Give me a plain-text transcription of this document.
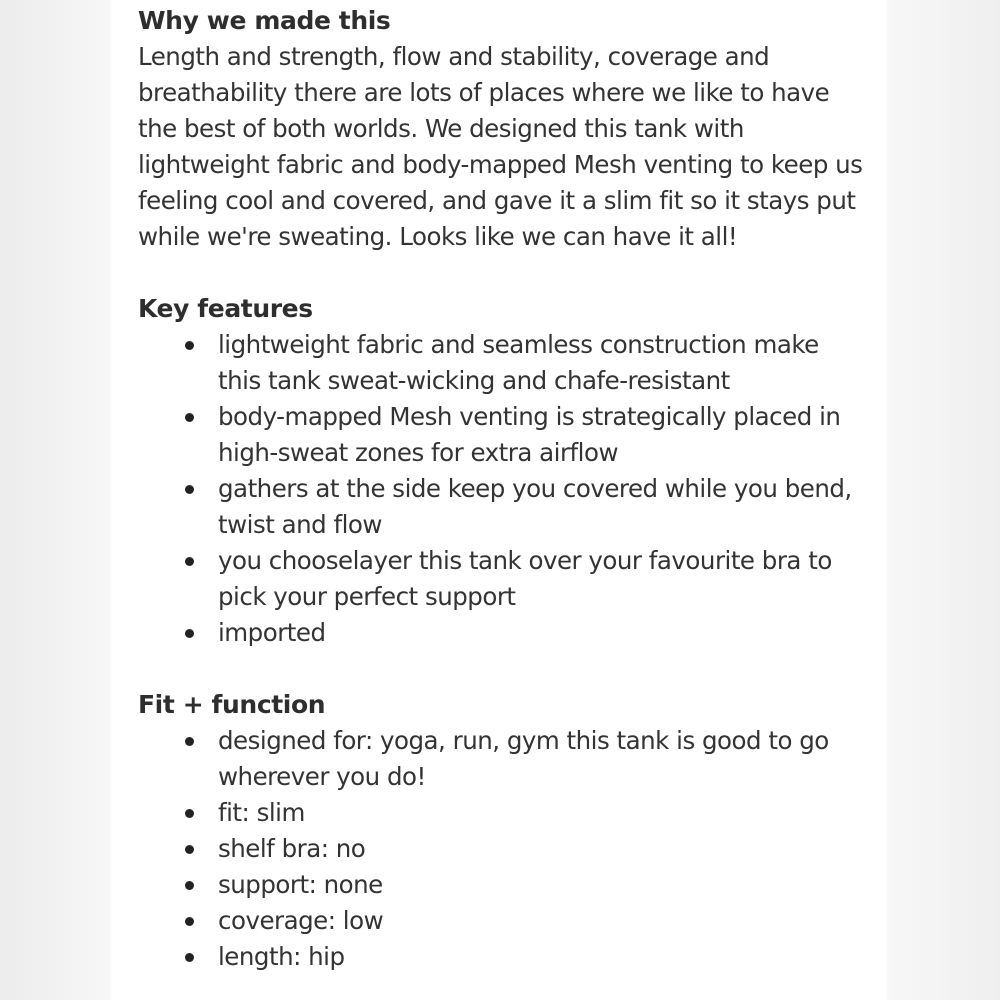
Why we made this

Length and strength, flow and stability, coverage and breathability there are lots of places where we like to have the best of both worlds. We designed this tank with lightweight fabric and body-mapped Mesh venting to keep us feeling cool and covered, and gave it a slim fit so it stays put while we're sweating. Looks like we can have it all!

Key features
lightweight fabric and seamless construction make this tank sweat-wicking and chafe-resistant
body-mapped Mesh venting is strategically placed in high-sweat zones for extra airflow
gathers at the side keep you covered while you bend, twist and flow
you chooselayer this tank over your favourite bra to pick your perfect support
imported
Fit + function
designed for: yoga, run, gym this tank is good to go wherever you do!
fit: slim
shelf bra: no
support: none
coverage: low
length: hip
